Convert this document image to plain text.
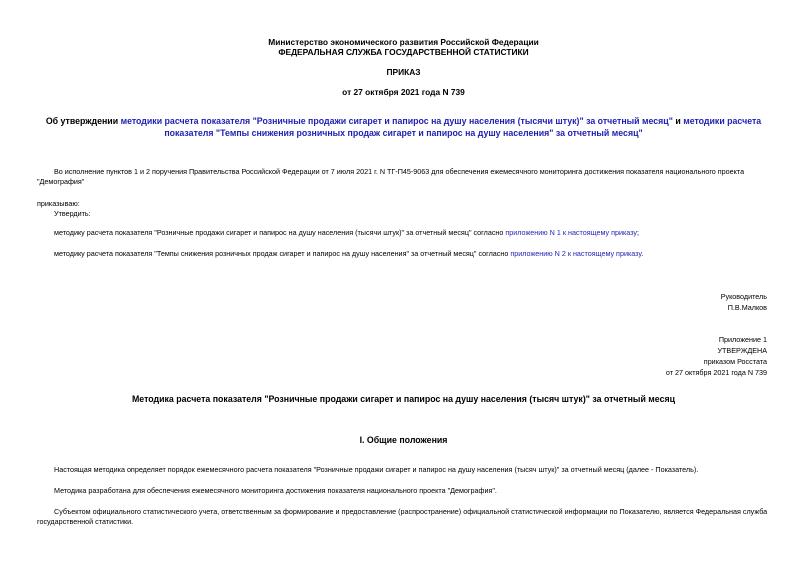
Министерство экономического развития Российской Федерации
ФЕДЕРАЛЬНАЯ СЛУЖБА ГОСУДАРСТВЕННОЙ СТАТИСТИКИ
ПРИКАЗ
от 27 октября 2021 года N 739
Об утверждении методики расчета показателя "Розничные продажи сигарет и папирос на душу населения (тысячи штук)" за отчетный месяц" и методики расчета
показателя "Темпы снижения розничных продаж сигарет и папирос на душу населения" за отчетный месяц"
Во исполнение пунктов 1 и 2 поручения Правительства Российской Федерации от 7 июля 2021 г. N ТГ-П45-9063 для обеспечения ежемесячного мониторинга достижения показателя национального проекта
"Демография"
приказываю:
Утвердить:
методику расчета показателя "Розничные продажи сигарет и папирос на душу населения (тысячи штук)" за отчетный месяц" согласно приложению N 1 к настоящему приказу;
методику расчета показателя "Темпы снижения розничных продаж сигарет и папирос на душу населения" за отчетный месяц" согласно приложению N 2 к настоящему приказу.
Руководитель
П.В.Малков
Приложение 1
УТВЕРЖДЕНА
приказом Росстата
от 27 октября 2021 года N 739
Методика расчета показателя "Розничные продажи сигарет и папирос на душу населения (тысяч штук)" за отчетный месяц
I. Общие положения
Настоящая методика определяет порядок ежемесячного расчета показателя "Розничные продажи сигарет и папирос на душу населения (тысяч штук)" за отчетный месяц (далее - Показатель).
Методика разработана для обеспечения ежемесячного мониторинга достижения показателя национального проекта "Демография".
Субъектом официального статистического учета, ответственным за формирование и предоставление (распространение) официальной статистической информации по Показателю, является Федеральная служба
государственной статистики.
